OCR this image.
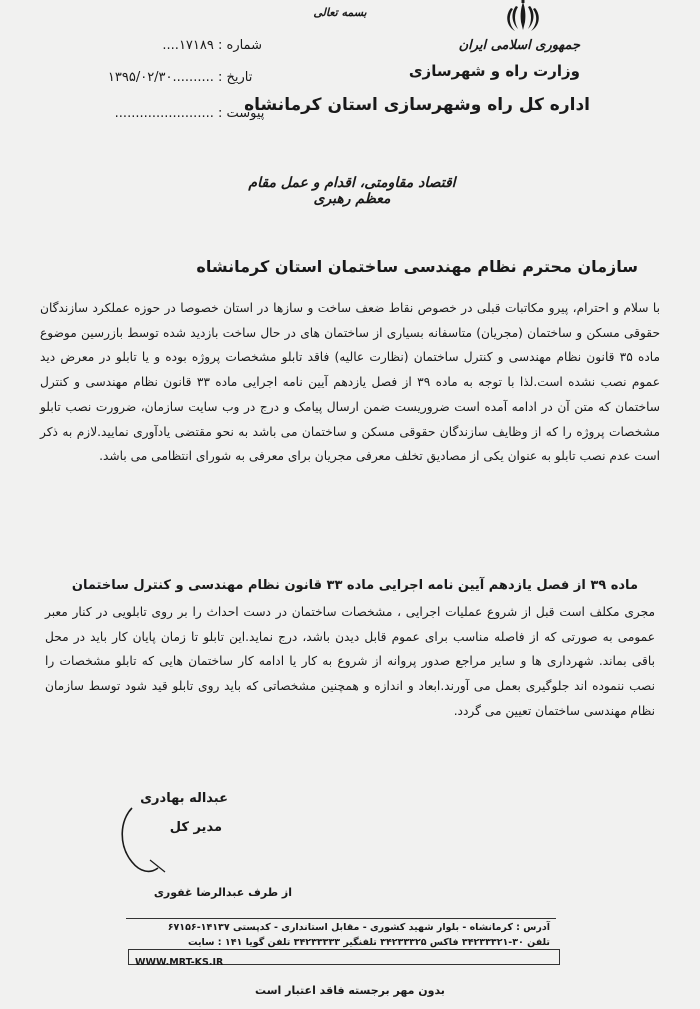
بسمه تعالی
جمهوری اسلامی ایران
وزارت راه و شهرسازی
اداره کل راه وشهرسازی استان کرمانشاه
شماره : ۱۷۱۸۹....
تاریخ : ..........۱۳۹۵/۰۲/۳۰
پیوست : ........................
اقتصاد مقاومتی، اقدام و عمل مقام معظم رهبری
سازمان محترم نظام مهندسی ساختمان استان کرمانشاه
با سلام و احترام، پیرو مکاتبات قبلی در خصوص نقاط ضعف ساخت و سازها در استان خصوصا در حوزه عملکرد سازندگان حقوقی مسکن و ساختمان (مجریان) متاسفانه بسیاری از ساختمان های در حال ساخت بازدید شده توسط بازرسین موضوع ماده ۳۵ قانون نظام مهندسی و کنترل ساختمان (نظارت عالیه) فاقد تابلو مشخصات پروژه بوده و یا تابلو در معرض دید عموم نصب نشده است.لذا با توجه به ماده ۳۹ از فصل یازدهم آیین نامه اجرایی ماده ۳۳ قانون نظام مهندسی و کنترل ساختمان که متن آن در ادامه آمده است ضروریست ضمن ارسال پیامک و درج در وب سایت سازمان، ضرورت نصب تابلو مشخصات پروژه را که از وظایف سازندگان حقوقی مسکن و ساختمان می باشد به نحو مقتضی یادآوری نمایید.لازم به ذکر است عدم نصب تابلو به عنوان یکی از مصادیق تخلف معرفی مجریان برای معرفی به شورای انتظامی می باشد.
ماده ۳۹ از فصل یازدهم آیین نامه اجرایی ماده ۳۳ قانون نظام مهندسی و کنترل ساختمان
مجری مکلف است قبل از شروع عملیات اجرایی ، مشخصات ساختمان در دست احداث را بر روی تابلویی در کنار معبر عمومی به صورتی که از فاصله مناسب برای عموم قابل دیدن باشد، درج نماید.این تابلو تا زمان پایان کار باید در محل باقی بماند. شهرداری ها و سایر مراجع صدور پروانه از شروع به کار یا ادامه کار ساختمان هایی که تابلو مشخصات را نصب ننموده اند جلوگیری بعمل می آورند.ابعاد و اندازه و همچنین مشخصاتی که باید روی تابلو قید شود توسط سازمان نظام مهندسی ساختمان تعیین می گردد.
عبداله بهادری
مدیر کل
از طرف عبدالرضا غفوری
آدرس : کرمانشاه - بلوار شهید کشوری - مقابل استانداری - کدپستی ۱۴۱۳۷-۶۷۱۵۶
تلفن ۳۰-۳۴۲۳۳۳۲۱ فاکس ۳۴۲۳۳۳۲۵ تلفنگیر ۳۴۲۳۳۳۳۳ تلفن گویا ۱۴۱ : سایت
WWW.MRT-KS.IR
بدون مهر برجسته فاقد اعتبار است
